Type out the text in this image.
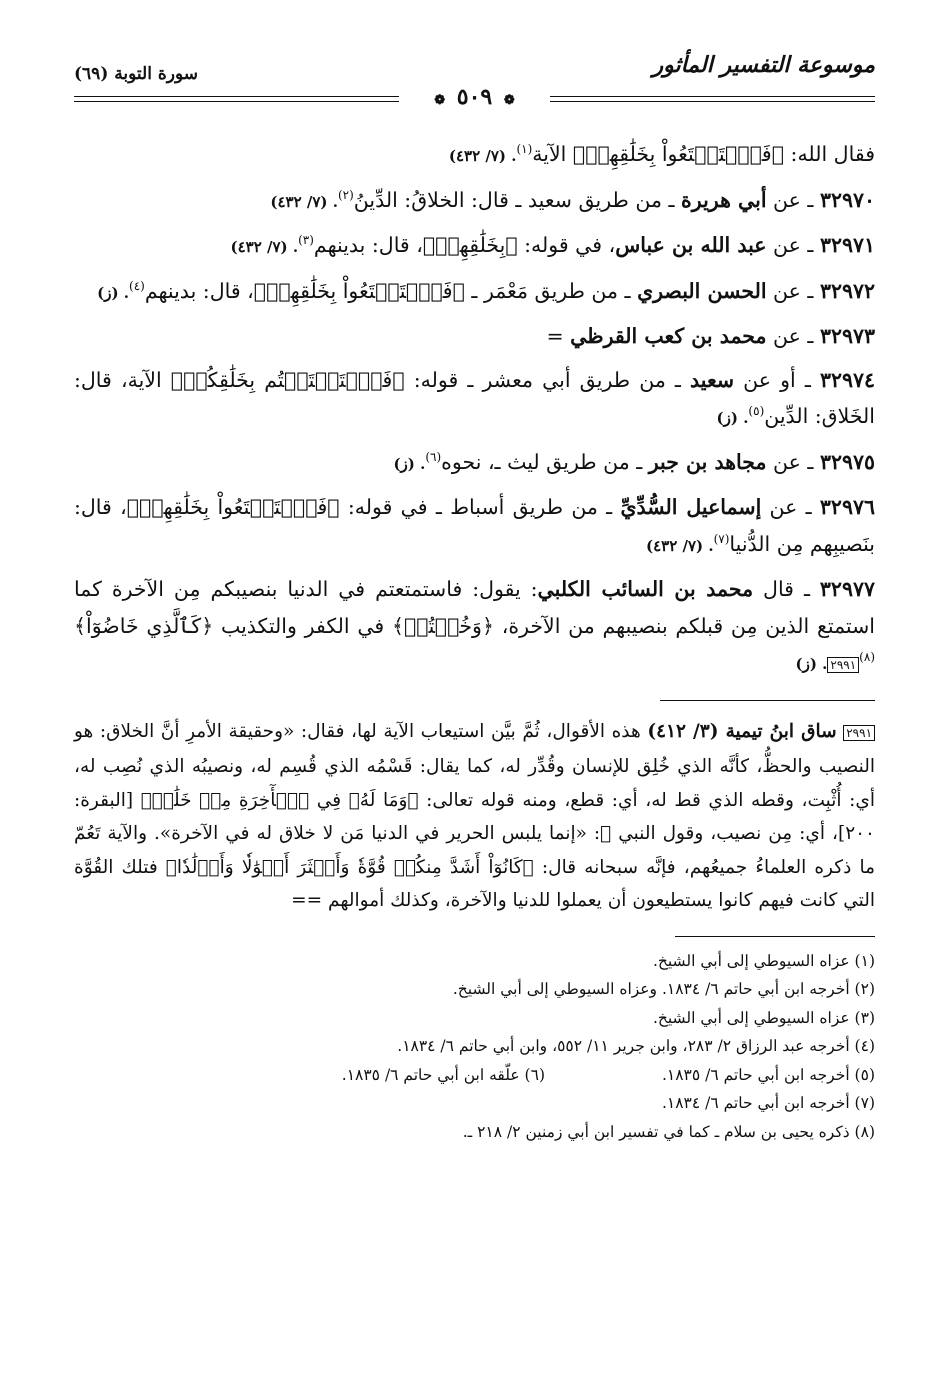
موسوعة التفسير المأثور
سورة التوبة (٦٩)
❁ ٥٠٩ ❁

فقال الله: ﴿فَٱسۡتَمۡتَعُواْ بِخَلَٰقِهِمۡ﴾ الآية$^{(١)}$. (٧/ ٤٣٢)

٣٢٩٧٠ ـ عن أبي هريرة ـ من طريق سعيد ـ قال: الخلاقُ: الدِّينُ$^{(٢)}$. (٧/ ٤٣٢)

٣٢٩٧١ ـ عن عبد الله بن عباس، في قوله: ﴿بِخَلَٰقِهِمۡ﴾، قال: بدينهم$^{(٣)}$. (٧/ ٤٣٢)

٣٢٩٧٢ ـ عن الحسن البصري ـ من طريق مَعْمَر ـ ﴿فَٱسۡتَمۡتَعُواْ بِخَلَٰقِهِمۡ﴾، قال: بدينهم$^{(٤)}$. (ز)

٣٢٩٧٣ ـ عن محمد بن كعب القرظي =

٣٢٩٧٤ ـ أو عن سعيد ـ من طريق أبي معشر ـ قوله: ﴿فَٱسۡتَمۡتَعۡتُم بِخَلَٰقِكُمۡ﴾ الآية، قال: الخَلاق: الدِّين$^{(٥)}$. (ز)

٣٢٩٧٥ ـ عن مجاهد بن جبر ـ من طريق ليث ـ، نحوه$^{(٦)}$. (ز)

٣٢٩٧٦ ـ عن إسماعيل السُّدِّيِّ ـ من طريق أسباط ـ في قوله: ﴿فَٱسۡتَمۡتَعُواْ بِخَلَٰقِهِمۡ﴾، قال: بنَصيبِهم مِن الدُّنيا$^{(٧)}$. (٧/ ٤٣٢)

٣٢٩٧٧ ـ قال محمد بن السائب الكلبي: يقول: فاستمتعتم في الدنيا بنصيبكم مِن الآخرة كما استمتع الذين مِن قبلكم بنصيبهم من الآخرة، ﴿وَخُضۡتُمۡ﴾ في الكفر والتكذيب ﴿كَٱلَّذِي خَاضُوٓاْ﴾$^{(٨)}$٢٩٩١. (ز)

٢٩٩١ ساق ابنُ تيمية (٣/ ٤١٢) هذه الأقوال، ثُمَّ بيَّن استيعاب الآية لها، فقال: «وحقيقة الأمرِ أنَّ الخلاق: هو النصيب والحظُّ، كأنَّه الذي خُلِق للإنسان وقُدِّر له، كما يقال: قَسْمُه الذي قُسِم له، ونصيبُه الذي نُصِب له، أي: أُثْبِت، وقطه الذي قط له، أي: قطع، ومنه قوله تعالى: ﴿وَمَا لَهُۥ فِي ٱلۡأٓخِرَةِ مِنۡ خَلَٰقٖ﴾ [البقرة: ٢٠٠]، أي: مِن نصيب، وقول النبي ﷺ: «إنما يلبس الحرير في الدنيا مَن لا خلاق له في الآخرة». والآية تَعُمّ ما ذكره العلماءُ جميعُهم، فإنَّه سبحانه قال: ﴿كَانُوٓاْ أَشَدَّ مِنكُمۡ قُوَّةٗ وَأَكۡثَرَ أَمۡوَٰلٗا وَأَوۡلَٰدٗا﴾ فتلك القُوَّة التي كانت فيهم كانوا يستطيعون أن يعملوا للدنيا والآخرة، وكذلك أموالهم ==

(١) عزاه السيوطي إلى أبي الشيخ.

(٢) أخرجه ابن أبي حاتم ٦/ ١٨٣٤. وعزاه السيوطي إلى أبي الشيخ.

(٣) عزاه السيوطي إلى أبي الشيخ.

(٤) أخرجه عبد الرزاق ٢/ ٢٨٣، وابن جرير ١١/ ٥٥٢، وابن أبي حاتم ٦/ ١٨٣٤.

(٥) أخرجه ابن أبي حاتم ٦/ ١٨٣٥.

(٦) علّقه ابن أبي حاتم ٦/ ١٨٣٥.

(٧) أخرجه ابن أبي حاتم ٦/ ١٨٣٤.

(٨) ذكره يحيى بن سلام ـ كما في تفسير ابن أبي زمنين ٢/ ٢١٨ ـ.
